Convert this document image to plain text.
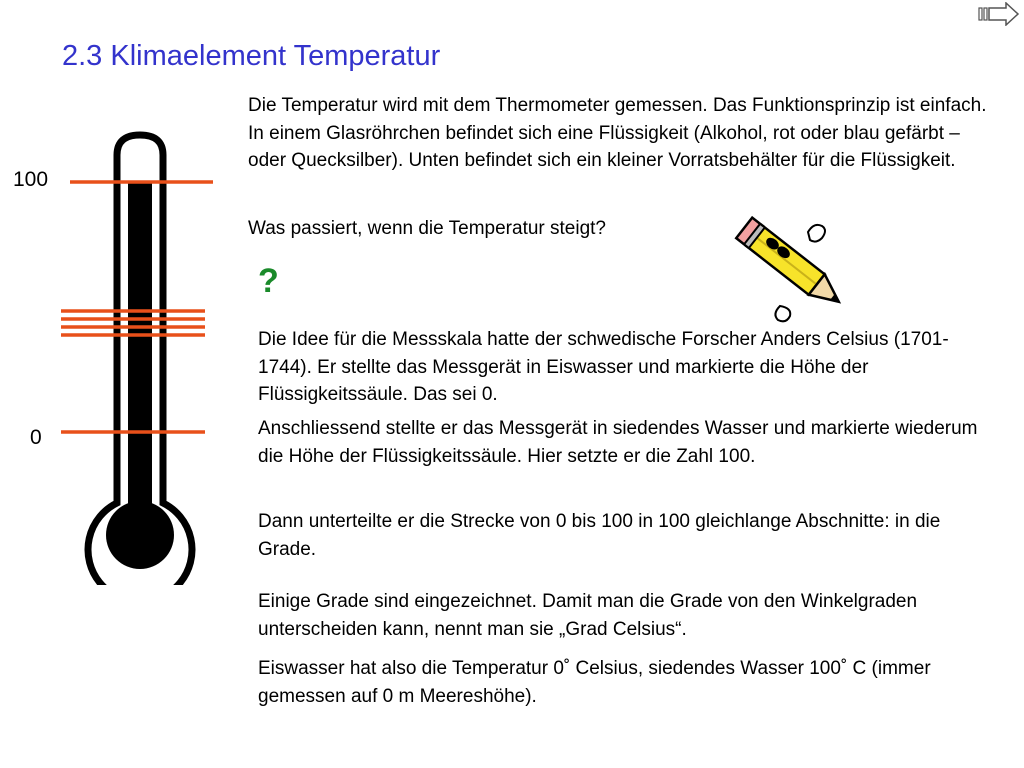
2.3 Klimaelement Temperatur

Die Temperatur wird mit dem Thermometer gemessen. Das Funktionsprinzip ist einfach. In einem Glasröhrchen befindet sich eine Flüssigkeit (Alkohol, rot oder blau gefärbt – oder Quecksilber). Unten befindet sich ein kleiner Vorratsbehälter für die Flüssigkeit.

Was passiert, wenn die Temperatur steigt?

?

Die Idee für die Messskala hatte der schwedische Forscher Anders Celsius (1701-1744). Er stellte das Messgerät in Eiswasser und markierte die Höhe der Flüssigkeitssäule. Das sei 0.

Anschliessend stellte er das Messgerät in siedendes Wasser und markierte wiederum die Höhe der Flüssigkeitssäule. Hier setzte er die Zahl 100.

Dann unterteilte er die Strecke von 0 bis 100 in 100 gleichlange Abschnitte: in die Grade.

Einige Grade sind eingezeichnet. Damit man die Grade von den Winkelgraden unterscheiden kann, nennt man sie „Grad Celsius“.

Eiswasser hat also die Temperatur 0˚ Celsius, siedendes Wasser 100˚ C (immer gemessen auf 0 m Meereshöhe).

100
0
